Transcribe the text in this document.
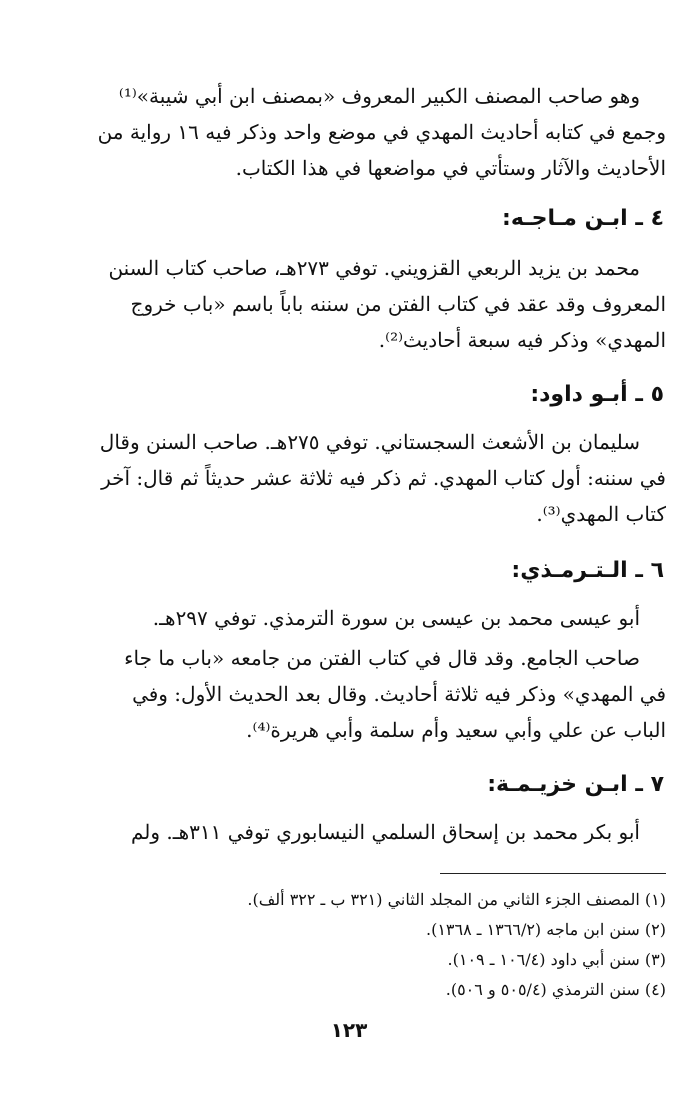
وهو صاحب المصنف الكبير المعروف «بمصنف ابن أبي شيبة»⁽¹⁾
وجمع في كتابه أحاديث المهدي في موضع واحد وذكر فيه ١٦ رواية من
الأحاديث والآثار وستأتي في مواضعها في هذا الكتاب.
٤ ـ ابـن مـاجـه:
محمد بن يزيد الربعي القزويني. توفي ٢٧٣هـ، صاحب كتاب السنن
المعروف وقد عقد في كتاب الفتن من سننه باباً باسم «باب خروج
المهدي» وذكر فيه سبعة أحاديث⁽²⁾.
٥ ـ أبـو داود:
سليمان بن الأشعث السجستاني. توفي ٢٧٥هـ. صاحب السنن وقال
في سننه: أول كتاب المهدي. ثم ذكر فيه ثلاثة عشر حديثاً ثم قال: آخر
كتاب المهدي⁽³⁾.
٦ ـ الـتـرمـذي:
أبو عيسى محمد بن عيسى بن سورة الترمذي. توفي ٢٩٧هـ.
صاحب الجامع. وقد قال في كتاب الفتن من جامعه «باب ما جاء
في المهدي» وذكر فيه ثلاثة أحاديث. وقال بعد الحديث الأول: وفي
الباب عن علي وأبي سعيد وأم سلمة وأبي هريرة⁽⁴⁾.
٧ ـ ابـن خزيـمـة:
أبو بكر محمد بن إسحاق السلمي النيسابوري توفي ٣١١هـ. ولم
(١) المصنف الجزء الثاني من المجلد الثاني (٣٢١ ب ـ ٣٢٢ ألف).
(٢) سنن ابن ماجه (١٣٦٦/٢ ـ ١٣٦٨).
(٣) سنن أبي داود (١٠٦/٤ ـ ١٠٩).
(٤) سنن الترمذي (٥٠٥/٤ و ٥٠٦).
١٢٣
